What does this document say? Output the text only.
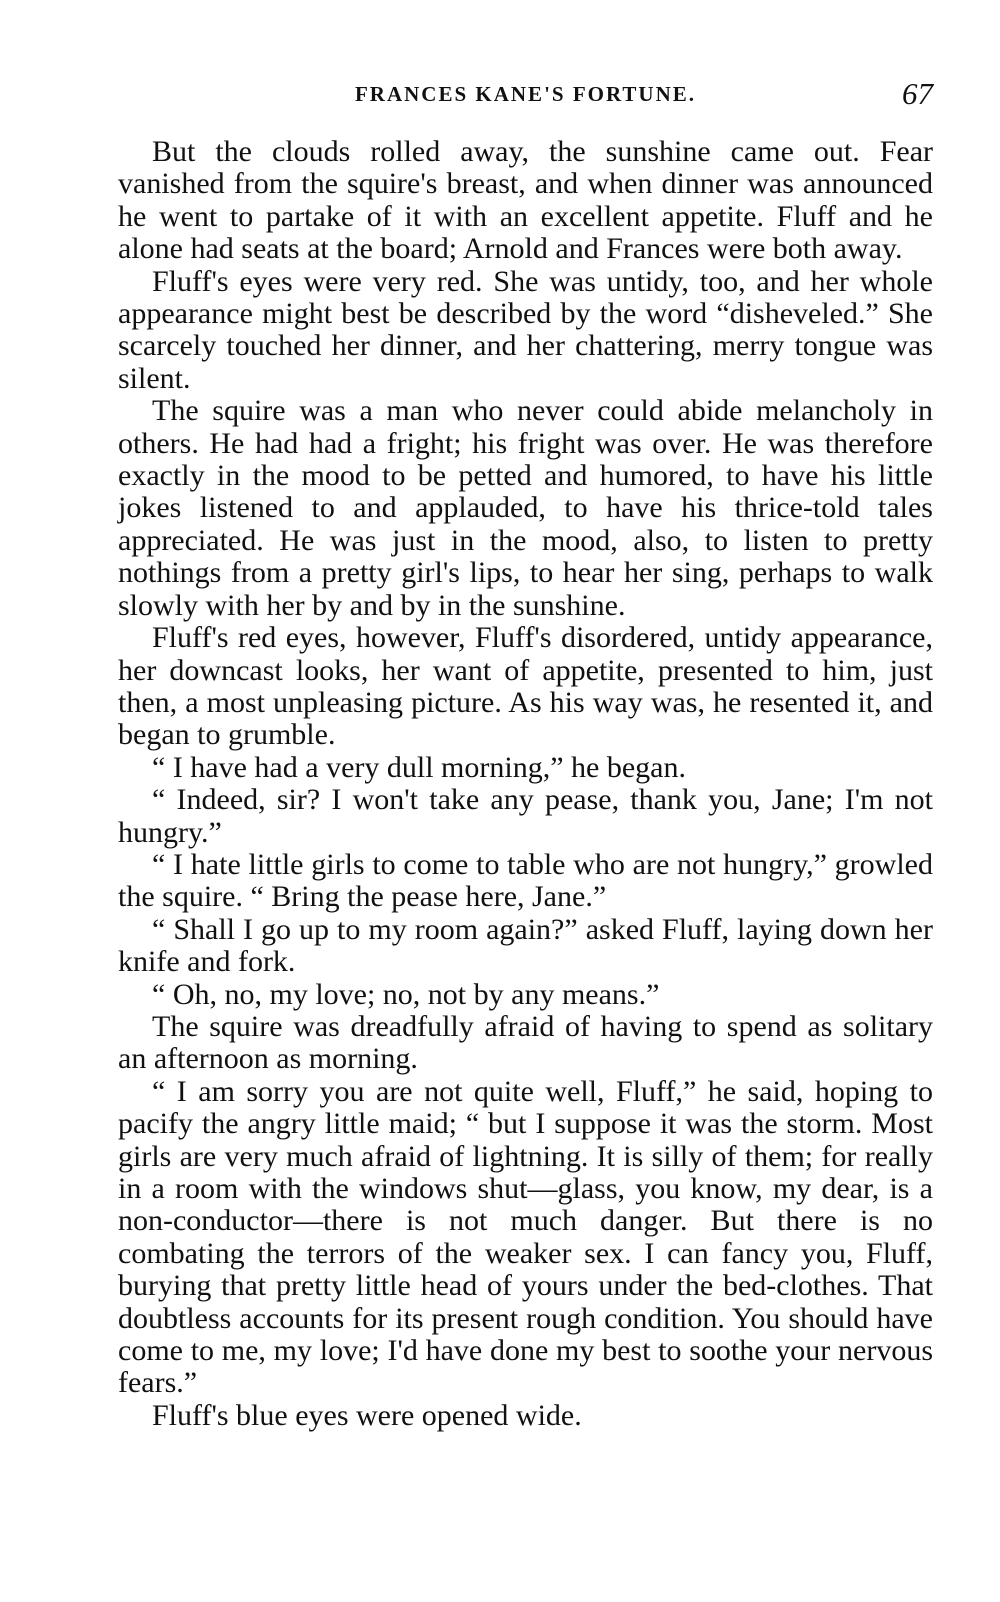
FRANCES KANE'S FORTUNE.	67

But the clouds rolled away, the sunshine came out. Fear vanished from the squire's breast, and when dinner was announced he went to partake of it with an excellent appetite. Fluff and he alone had seats at the board; Arnold and Frances were both away.

Fluff's eyes were very red. She was untidy, too, and her whole appearance might best be described by the word “disheveled.” She scarcely touched her dinner, and her chattering, merry tongue was silent.

The squire was a man who never could abide melancholy in others. He had had a fright; his fright was over. He was therefore exactly in the mood to be petted and humored, to have his little jokes listened to and applauded, to have his thrice-told tales appreciated. He was just in the mood, also, to listen to pretty nothings from a pretty girl's lips, to hear her sing, perhaps to walk slowly with her by and by in the sunshine.

Fluff's red eyes, however, Fluff's disordered, untidy appearance, her downcast looks, her want of appetite, presented to him, just then, a most unpleasing picture. As his way was, he resented it, and began to grumble.

“ I have had a very dull morning,” he began.

“ Indeed, sir? I won't take any pease, thank you, Jane; I'm not hungry.”

“ I hate little girls to come to table who are not hungry,” growled the squire. “ Bring the pease here, Jane.”

“ Shall I go up to my room again?” asked Fluff, laying down her knife and fork.

“ Oh, no, my love; no, not by any means.”

The squire was dreadfully afraid of having to spend as solitary an afternoon as morning.

“ I am sorry you are not quite well, Fluff,” he said, hoping to pacify the angry little maid; “ but I suppose it was the storm. Most girls are very much afraid of lightning. It is silly of them; for really in a room with the windows shut—glass, you know, my dear, is a non-conductor—there is not much danger. But there is no combating the terrors of the weaker sex. I can fancy you, Fluff, burying that pretty little head of yours under the bed-clothes. That doubtless accounts for its present rough condition. You should have come to me, my love; I'd have done my best to soothe your nervous fears.”

Fluff's blue eyes were opened wide.
